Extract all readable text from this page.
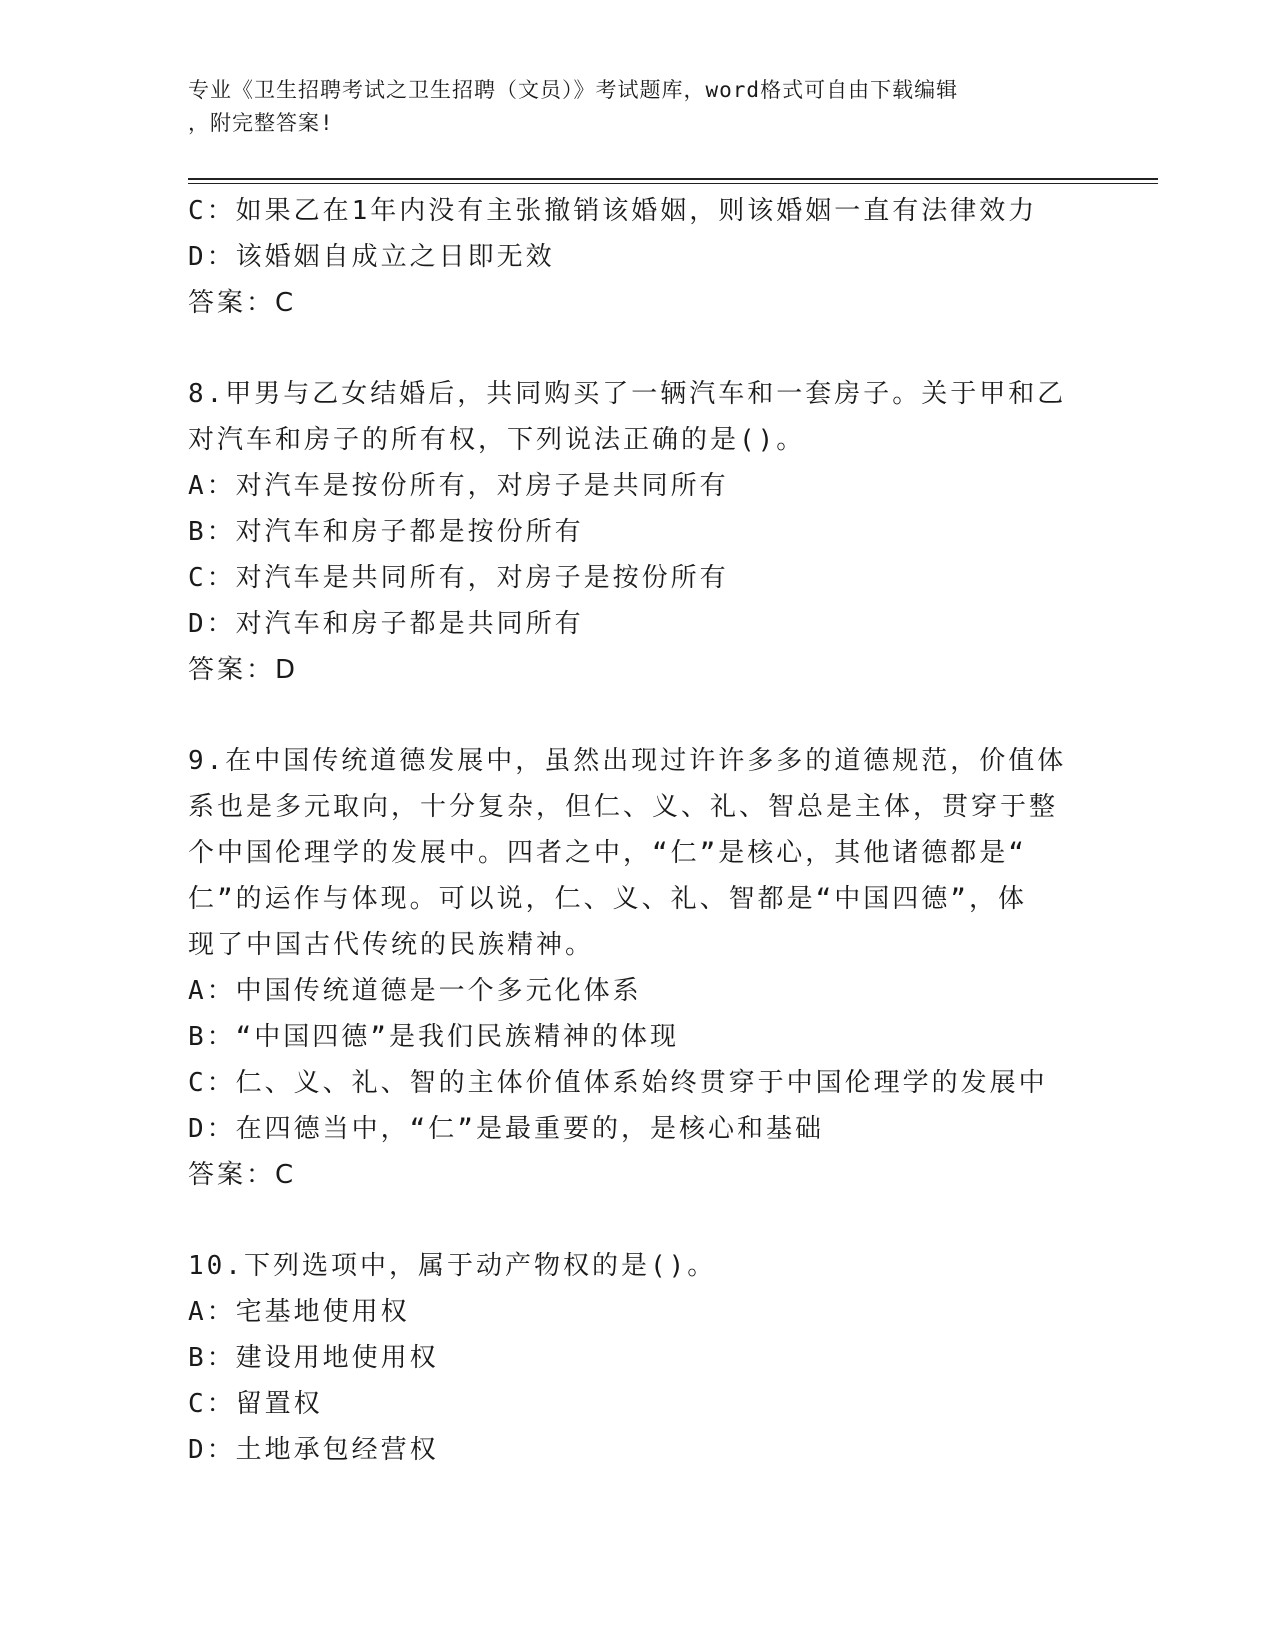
专业《卫生招聘考试之卫生招聘（文员）》考试题库，word格式可自由下载编辑
，附完整答案!
C：如果乙在1年内没有主张撤销该婚姻，则该婚姻一直有法律效力
D：该婚姻自成立之日即无效
答案：C
8.甲男与乙女结婚后，共同购买了一辆汽车和一套房子。关于甲和乙
对汽车和房子的所有权，下列说法正确的是()。
A：对汽车是按份所有，对房子是共同所有
B：对汽车和房子都是按份所有
C：对汽车是共同所有，对房子是按份所有
D：对汽车和房子都是共同所有
答案：D
9.在中国传统道德发展中，虽然出现过许许多多的道德规范，价值体
系也是多元取向，十分复杂，但仁、义、礼、智总是主体，贯穿于整
个中国伦理学的发展中。四者之中，“仁”是核心，其他诸德都是“
仁”的运作与体现。可以说，仁、义、礼、智都是“中国四德”，体
现了中国古代传统的民族精神。
A：中国传统道德是一个多元化体系
B：“中国四德”是我们民族精神的体现
C：仁、义、礼、智的主体价值体系始终贯穿于中国伦理学的发展中
D：在四德当中，“仁”是最重要的，是核心和基础
答案：C
10.下列选项中，属于动产物权的是()。
A：宅基地使用权
B：建设用地使用权
C：留置权
D：土地承包经营权
